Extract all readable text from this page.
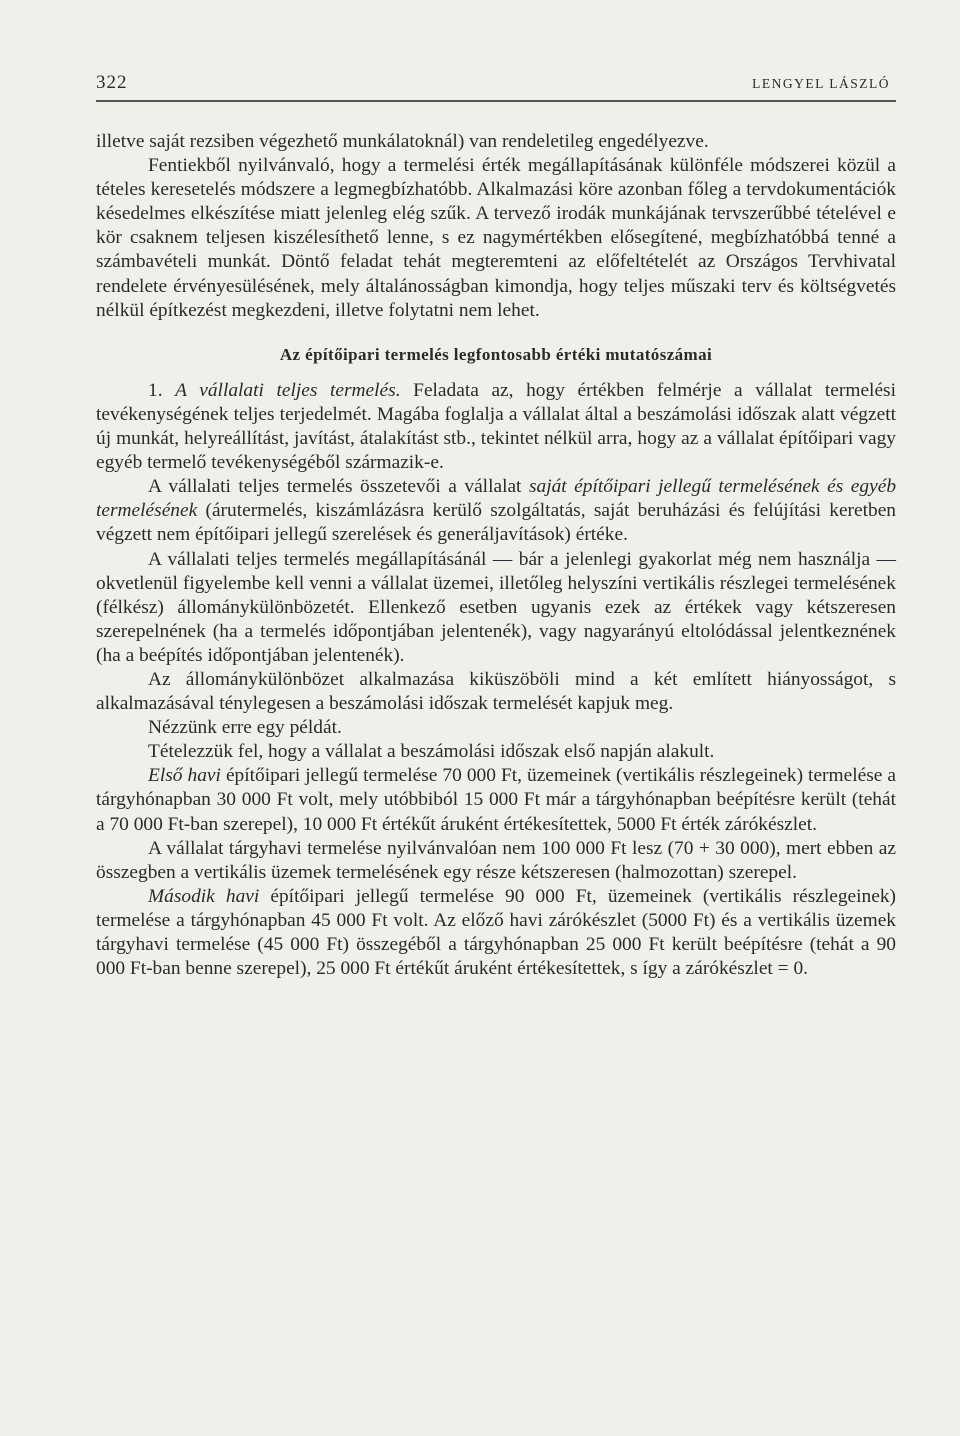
322	LENGYEL LÁSZLÓ

illetve saját rezsiben végezhető munkálatoknál) van rendeletileg engedélyezve.

Fentiekből nyilvánvaló, hogy a termelési érték megállapításának különféle módszerei közül a tételes keresetelés módszere a legmegbízhatóbb. Alkalmazási köre azonban főleg a tervdokumentációk késedelmes elkészítése miatt jelenleg elég szűk. A tervező irodák munkájának tervszerűbbé tételével e kör csaknem teljesen kiszélesíthető lenne, s ez nagymértékben elősegítené, megbízhatóbbá tenné a számbavételi munkát. Döntő feladat tehát megteremteni az előfeltételét az Országos Tervhivatal rendelete érvényesülésének, mely általánosságban kimondja, hogy teljes műszaki terv és költségvetés nélkül építkezést megkezdeni, illetve folytatni nem lehet.

Az építőipari termelés legfontosabb értéki mutatószámai

1. A vállalati teljes termelés. Feladata az, hogy értékben felmérje a vállalat termelési tevékenységének teljes terjedelmét. Magába foglalja a vállalat által a beszámolási időszak alatt végzett új munkát, helyreállítást, javítást, átalakítást stb., tekintet nélkül arra, hogy az a vállalat építőipari vagy egyéb termelő tevékenységéből származik-e.

A vállalati teljes termelés összetevői a vállalat saját építőipari jellegű termelésének és egyéb termelésének (árutermelés, kiszámlázásra kerülő szolgáltatás, saját beruházási és felújítási keretben végzett nem építőipari jellegű szerelések és generáljavítások) értéke.

A vállalati teljes termelés megállapításánál — bár a jelenlegi gyakorlat még nem használja — okvetlenül figyelembe kell venni a vállalat üzemei, illetőleg helyszíni vertikális részlegei termelésének (félkész) állománykülönbözetét. Ellenkező esetben ugyanis ezek az értékek vagy kétszeresen szerepelnének (ha a termelés időpontjában jelentenék), vagy nagyarányú eltolódással jelentkeznének (ha a beépítés időpontjában jelentenék).

Az állománykülönbözet alkalmazása kiküszöböli mind a két említett hiányosságot, s alkalmazásával ténylegesen a beszámolási időszak termelését kapjuk meg.

Nézzünk erre egy példát.

Tételezzük fel, hogy a vállalat a beszámolási időszak első napján alakult.

Első havi építőipari jellegű termelése 70 000 Ft, üzemeinek (vertikális részlegeinek) termelése a tárgyhónapban 30 000 Ft volt, mely utóbbiból 15 000 Ft már a tárgyhónapban beépítésre került (tehát a 70 000 Ft-ban szerepel), 10 000 Ft értékűt áruként értékesítettek, 5000 Ft érték zárókészlet.

A vállalat tárgyhavi termelése nyilvánvalóan nem 100 000 Ft lesz (70 + 30 000), mert ebben az összegben a vertikális üzemek termelésének egy része kétszeresen (halmozottan) szerepel.

Második havi építőipari jellegű termelése 90 000 Ft, üzemeinek (vertikális részlegeinek) termelése a tárgyhónapban 45 000 Ft volt. Az előző havi zárókészlet (5000 Ft) és a vertikális üzemek tárgyhavi termelése (45 000 Ft) összegéből a tárgyhónapban 25 000 Ft került beépítésre (tehát a 90 000 Ft-ban benne szerepel), 25 000 Ft értékűt áruként értékesítettek, s így a zárókészlet = 0.
